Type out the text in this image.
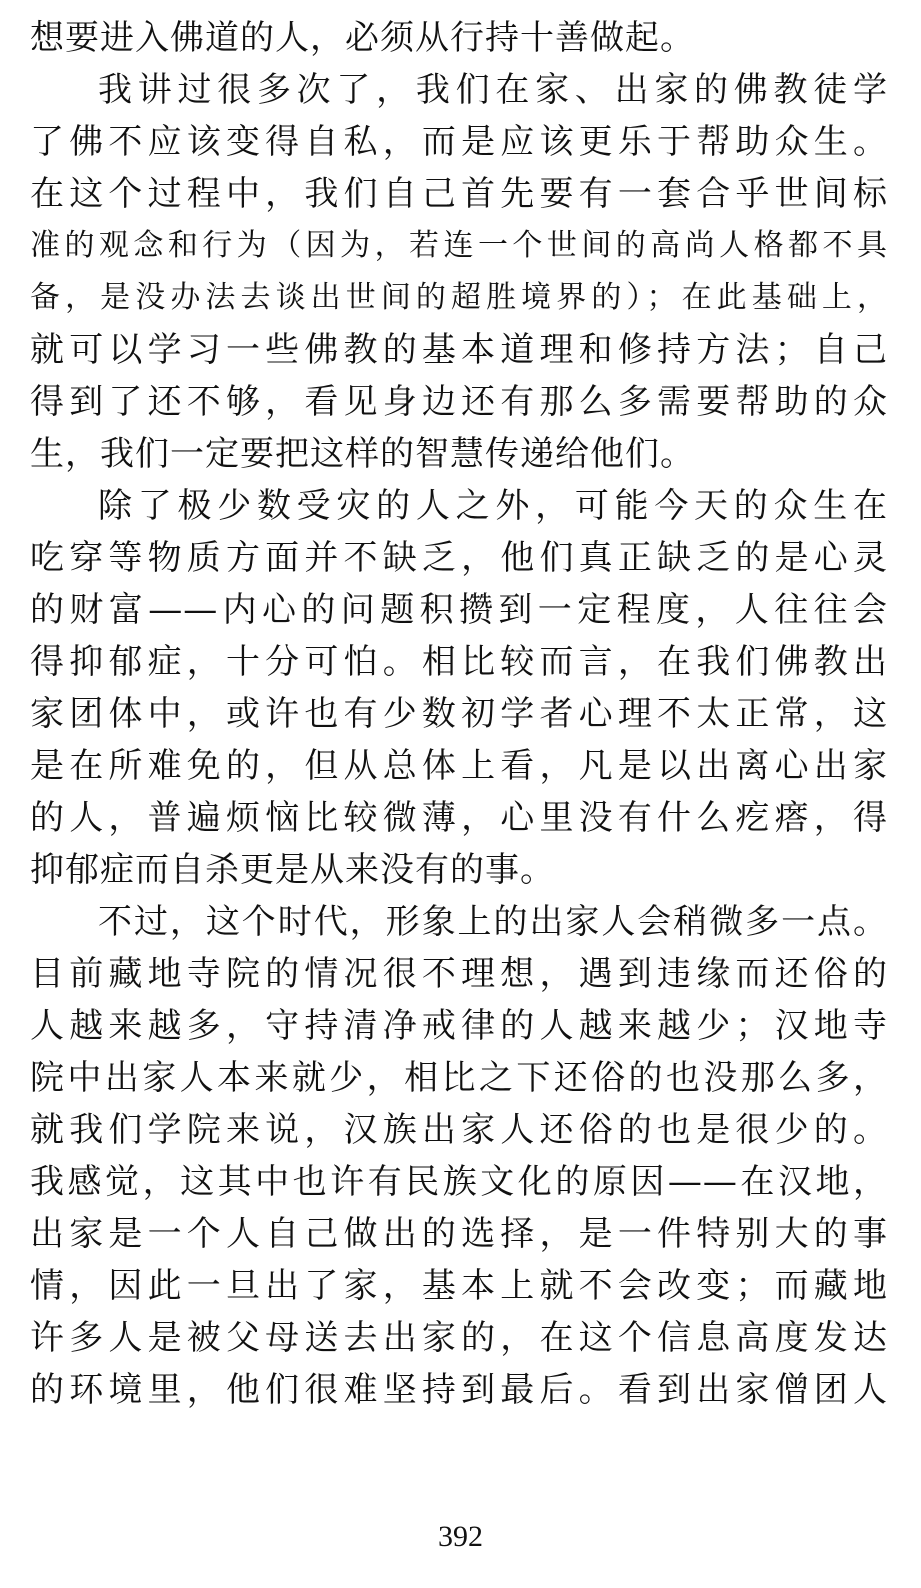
想要进入佛道的人，必须从行持十善做起。
我讲过很多次了，我们在家、出家的佛教徒学
了佛不应该变得自私，而是应该更乐于帮助众生。
在这个过程中，我们自己首先要有一套合乎世间标
准的观念和行为（因为，若连一个世间的高尚人格都不具
备，是没办法去谈出世间的超胜境界的）；在此基础上，
就可以学习一些佛教的基本道理和修持方法；自己
得到了还不够，看见身边还有那么多需要帮助的众
生，我们一定要把这样的智慧传递给他们。
除了极少数受灾的人之外，可能今天的众生在
吃穿等物质方面并不缺乏，他们真正缺乏的是心灵
的财富——内心的问题积攒到一定程度，人往往会
得抑郁症，十分可怕。相比较而言，在我们佛教出
家团体中，或许也有少数初学者心理不太正常，这
是在所难免的，但从总体上看，凡是以出离心出家
的人，普遍烦恼比较微薄，心里没有什么疙瘩，得
抑郁症而自杀更是从来没有的事。
不过，这个时代，形象上的出家人会稍微多一点。
目前藏地寺院的情况很不理想，遇到违缘而还俗的
人越来越多，守持清净戒律的人越来越少；汉地寺
院中出家人本来就少，相比之下还俗的也没那么多，
就我们学院来说，汉族出家人还俗的也是很少的。
我感觉，这其中也许有民族文化的原因——在汉地，
出家是一个人自己做出的选择，是一件特别大的事
情，因此一旦出了家，基本上就不会改变；而藏地
许多人是被父母送去出家的，在这个信息高度发达
的环境里，他们很难坚持到最后。看到出家僧团人
392
